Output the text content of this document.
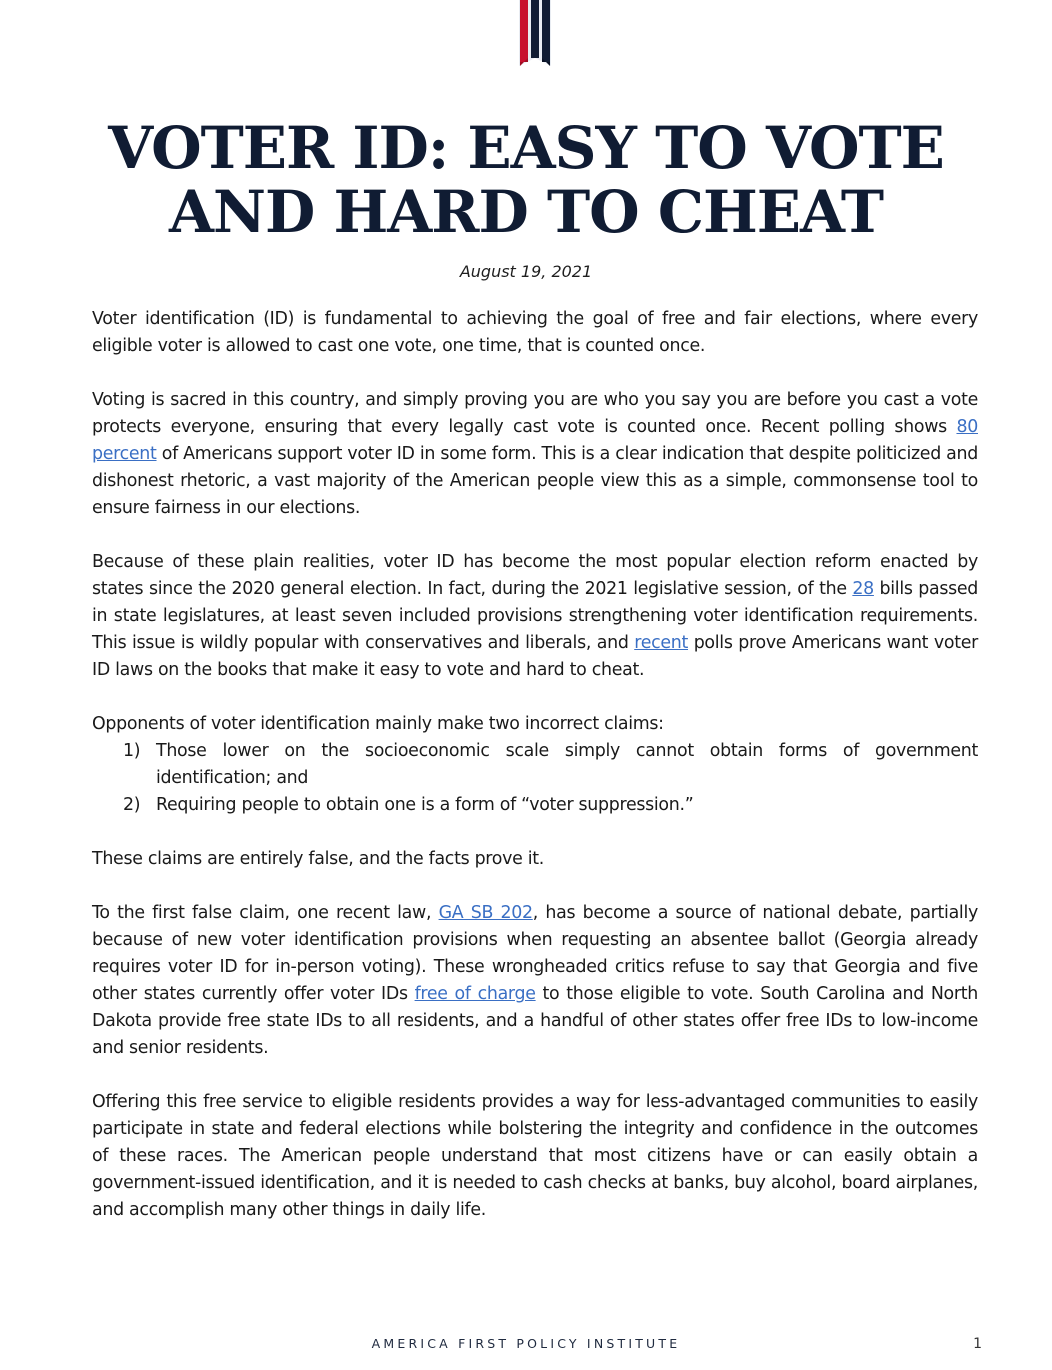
VOTER ID: EASY TO VOTE AND HARD TO CHEAT
August 19, 2021

Voter identification (ID) is fundamental to achieving the goal of free and fair elections, where every eligible voter is allowed to cast one vote, one time, that is counted once.

Voting is sacred in this country, and simply proving you are who you say you are before you cast a vote protects everyone, ensuring that every legally cast vote is counted once. Recent polling shows 80 percent of Americans support voter ID in some form. This is a clear indication that despite politicized and dishonest rhetoric, a vast majority of the American people view this as a simple, commonsense tool to ensure fairness in our elections.

Because of these plain realities, voter ID has become the most popular election reform enacted by states since the 2020 general election. In fact, during the 2021 legislative session, of the 28 bills passed in state legislatures, at least seven included provisions strengthening voter identification requirements. This issue is wildly popular with conservatives and liberals, and recent polls prove Americans want voter ID laws on the books that make it easy to vote and hard to cheat.

Opponents of voter identification mainly make two incorrect claims:

1) Those lower on the socioeconomic scale simply cannot obtain forms of government identification; and
2) Requiring people to obtain one is a form of “voter suppression.”

These claims are entirely false, and the facts prove it.

To the first false claim, one recent law, GA SB 202, has become a source of national debate, partially because of new voter identification provisions when requesting an absentee ballot (Georgia already requires voter ID for in-person voting). These wrongheaded critics refuse to say that Georgia and five other states currently offer voter IDs free of charge to those eligible to vote. South Carolina and North Dakota provide free state IDs to all residents, and a handful of other states offer free IDs to low-income and senior residents.

Offering this free service to eligible residents provides a way for less-advantaged communities to easily participate in state and federal elections while bolstering the integrity and confidence in the outcomes of these races. The American people understand that most citizens have or can easily obtain a government-issued identification, and it is needed to cash checks at banks, buy alcohol, board airplanes, and accomplish many other things in daily life.

AMERICA FIRST POLICY INSTITUTE	1
